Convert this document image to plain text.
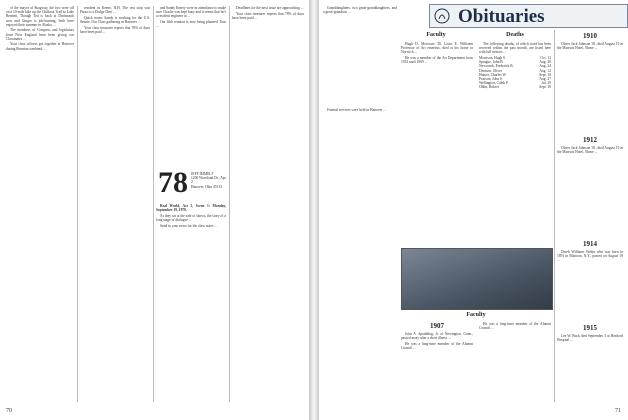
of the mayor of Skagway, the two were off on a 10-mile hike up the Chilkoot Trail to Lake Bennett. Though Ted is back at Dartmouth now and Ginger is job-hunting, both have enjoyed their summer in Alaska. ...

The members of Congress and legislators from New England have been giving our Classmates ...

Your class officers got together at Hanover during Reunion weekend. ...

resident in Keene, N.H. The rest stop was Pizza to a Dodge Deer ...

Quick notes: Sandy is working for the U.S. Senate. Our Class gathering in Hanover ...

Your class treasurer reports that 78% of dues have been paid ...

and Sandy Emery were in attendance to make sure Charlie was kept busy and it seems that he's a resident engineer at ...

Our fifth reunion is now being planned. Tom ...

78 JEFF IMMELT
1200 Waveland Dr., Apt. 2
Hanover, Ohio 45133

Real World, Act 5, Scene 1: Monday, September 19, 1978.

As they sat at the sale of shows, the story of a long stage of dialogue ...

Send in your news for the class notes ...

Deadlines for the next issue are approaching ...

Your class treasurer reports that 78% of dues have been paid ...

70

Granddaughters, two great-granddaughters, and a great-grandson ...	Obituaries
Faculty	Deaths

Hugh D. Morrison '26, Louis E. Williams Professor of Art emeritus, died at his home in Norwich ...

He was a member of the Art Department from 1932 until 1969 ...

The following deaths, of which word has been received within the past month, are listed here with full notices ...

Morrison, Hugh S.	Oct. 12
Sprague, John B.	Aug. 20
Newcomb, Frederick B.	Aug. 24
Denison, Oliver	Aug. 12
Hunter, Charles W.	Sept. 18
Pearson, John S.	Aug. 27
Wellington, Caleb P.	Jul. 29
Ohlin, Robert	Sept. 18
Faculty

Funeral services were held in Hanover ...

1907

John A. Spaulding, Jr. of Newington, Conn., passed away after a short illness ...

He was a long-time member of the Alumni Council ...

He was a long-time member of the Alumni Council ...

1910

Oliver Jack Johnson '01, died August 19 at the Marriott Hotel, Nome ...

1912

Oliver Jack Johnson '01, died August 19 at the Marriott Hotel, Nome ...

1914

Derek Williams Weber who was born in 1891 in Mattoon, N.Y., passed on August 19 ...

1915

Lee W. Buck died September 3 at Hartford Hospital ...

71
